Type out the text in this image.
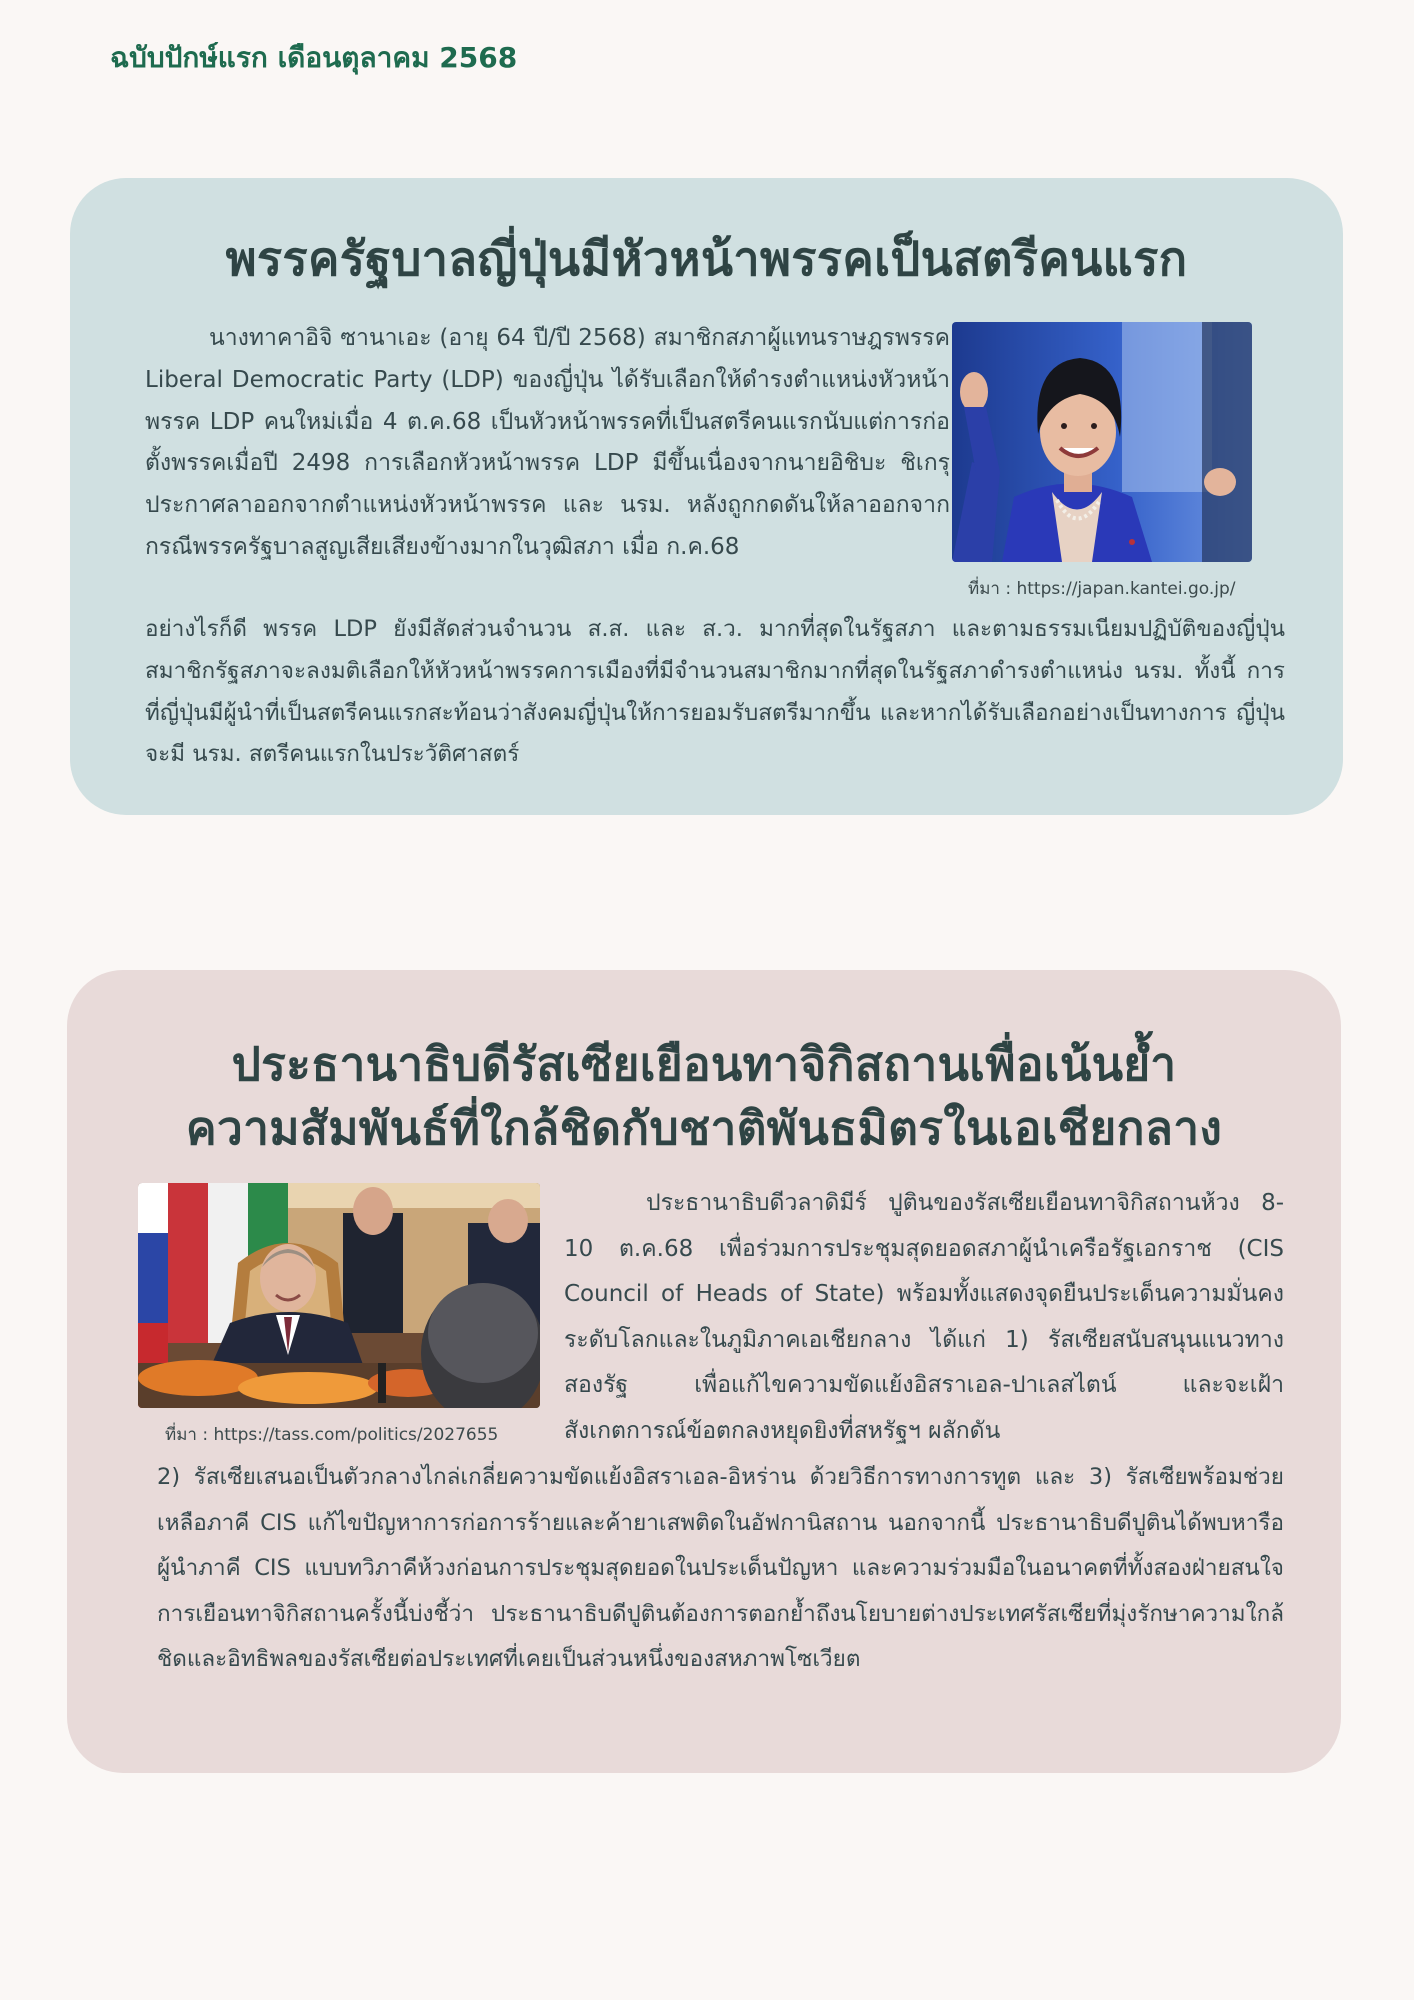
ฉบับปักษ์แรก เดือนตุลาคม 2568
พรรครัฐบาลญี่ปุ่นมีหัวหน้าพรรคเป็นสตรีคนแรก

นางทาคาอิจิ ซานาเอะ (อายุ 64 ปี/ปี 2568) สมาชิกสภาผู้แทนราษฎรพรรค Liberal Democratic Party (LDP) ของญี่ปุ่น ได้รับเลือกให้ดำรงตำแหน่งหัวหน้าพรรค LDP คนใหม่เมื่อ 4 ต.ค.68 เป็นหัวหน้าพรรคที่เป็นสตรีคนแรกนับแต่การก่อตั้งพรรคเมื่อปี 2498 การเลือกหัวหน้าพรรค LDP มีขึ้นเนื่องจากนายอิชิบะ ชิเกรุ ประกาศลาออกจากตำแหน่งหัวหน้าพรรค และ นรม. หลังถูกกดดันให้ลาออกจากกรณีพรรครัฐบาลสูญเสียเสียงข้างมากในวุฒิสภา เมื่อ ก.ค.68

ที่มา : https://japan.kantei.go.jp/

อย่างไรก็ดี พรรค LDP ยังมีสัดส่วนจำนวน ส.ส. และ ส.ว. มากที่สุดในรัฐสภา และตามธรรมเนียมปฏิบัติของญี่ปุ่น สมาชิกรัฐสภาจะลงมติเลือกให้หัวหน้าพรรคการเมืองที่มีจำนวนสมาชิกมากที่สุดในรัฐสภาดำรงตำแหน่ง นรม. ทั้งนี้ การที่ญี่ปุ่นมีผู้นำที่เป็นสตรีคนแรกสะท้อนว่าสังคมญี่ปุ่นให้การยอมรับสตรีมากขึ้น และหากได้รับเลือกอย่างเป็นทางการ ญี่ปุ่นจะมี นรม. สตรีคนแรกในประวัติศาสตร์

ประธานาธิบดีรัสเซียเยือนทาจิกิสถานเพื่อเน้นย้ำ
ความสัมพันธ์ที่ใกล้ชิดกับชาติพันธมิตรในเอเชียกลาง
ที่มา : https://tass.com/politics/2027655

ประธานาธิบดีวลาดิมีร์ ปูตินของรัสเซียเยือนทาจิกิสถานห้วง 8-10 ต.ค.68 เพื่อร่วมการประชุมสุดยอดสภาผู้นำเครือรัฐเอกราช (CIS Council of Heads of State) พร้อมทั้งแสดงจุดยืนประเด็นความมั่นคงระดับโลกและในภูมิภาคเอเชียกลาง ได้แก่ 1) รัสเซียสนับสนุนแนวทางสองรัฐ เพื่อแก้ไขความขัดแย้งอิสราเอล-ปาเลสไตน์ และจะเฝ้าสังเกตการณ์ข้อตกลงหยุดยิงที่สหรัฐฯ ผลักดัน

2) รัสเซียเสนอเป็นตัวกลางไกล่เกลี่ยความขัดแย้งอิสราเอล-อิหร่าน ด้วยวิธีการทางการทูต และ 3) รัสเซียพร้อมช่วยเหลือภาคี CIS แก้ไขปัญหาการก่อการร้ายและค้ายาเสพติดในอัฟกานิสถาน นอกจากนี้ ประธานาธิบดีปูตินได้พบหารือผู้นำภาคี CIS แบบทวิภาคีห้วงก่อนการประชุมสุดยอดในประเด็นปัญหา และความร่วมมือในอนาคตที่ทั้งสองฝ่ายสนใจ การเยือนทาจิกิสถานครั้งนี้บ่งชี้ว่า ประธานาธิบดีปูตินต้องการตอกย้ำถึงนโยบายต่างประเทศรัสเซียที่มุ่งรักษาความใกล้ชิดและอิทธิพลของรัสเซียต่อประเทศที่เคยเป็นส่วนหนึ่งของสหภาพโซเวียต
